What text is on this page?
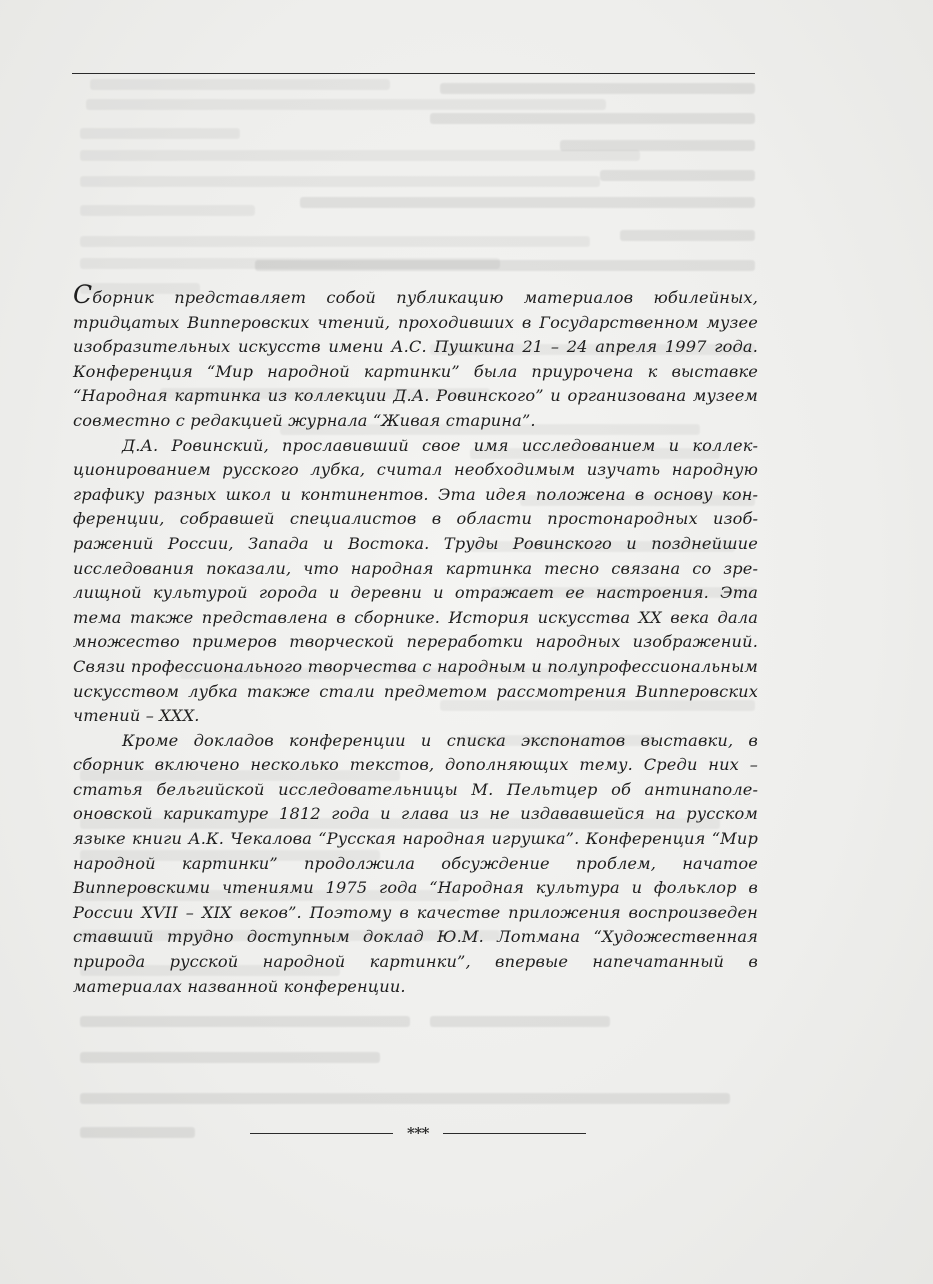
Сборник представляет собой публикацию материалов юбилейных, тридцатых Випперовских чтений, проходивших в Государственном музее изобразительных искусств имени А.С. Пушкина 21 – 24 апреля 1997 года. Конференция “Мир народной картинки” была приурочена к выставке “Народная картинка из коллекции Д.А. Ровинского” и организована музеем совместно с редакцией журнала “Живая старина”.

Д.А. Ровинский, прославивший свое имя исследованием и коллекционированием русского лубка, считал необходимым изучать народную графику разных школ и континентов. Эта идея положена в основу конференции, собравшей специалистов в области простонародных изображений России, Запада и Востока. Труды Ровинского и позднейшие исследования показали, что народная картинка тесно связана со зрелищной культурой города и деревни и отражает ее настроения. Эта тема также представлена в сборнике. История искусства XX века дала множество примеров творческой переработки народных изображений. Связи профессионального творчества с народным и полупрофессиональным искусством лубка также стали предметом рассмотрения Випперовских чтений – XXX.

Кроме докладов конференции и списка экспонатов выставки, в сборник включено несколько текстов, дополняющих тему. Среди них – статья бельгийской исследовательницы М. Пельтцер об антинаполеоновской карикатуре 1812 года и глава из не издававшейся на русском языке книги А.К. Чекалова “Русская народная игрушка”. Конференция “Мир народной картинки” продолжила обсуждение проблем, начатое Випперовскими чтениями 1975 года “Народная культура и фольклор в России XVII – XIX веков”. Поэтому в качестве приложения воспроизведен ставший трудно доступным доклад Ю.М. Лотмана “Художественная природа русской народной картинки”, впервые напечатанный в материалах названной конференции.

***
